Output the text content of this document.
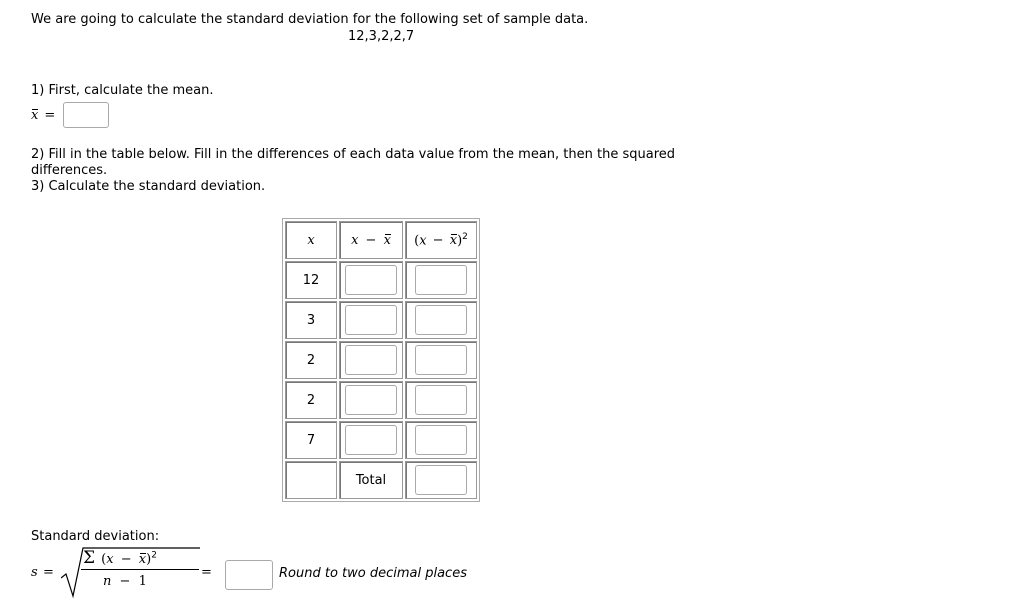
We are going to calculate the standard deviation for the following set of sample data.
12,3,2,2,7
1) First, calculate the mean.
x =
2) Fill in the table below. Fill in the differences of each data value from the mean, then the squared differences.
3) Calculate the standard deviation.
x	x − x	$(x - x)^2$
12	

3	

2	

2	

7	

	Total	
Standard deviation:
s =
Σ $(x - x)^2$
n − 1
=	Round to two decimal places
